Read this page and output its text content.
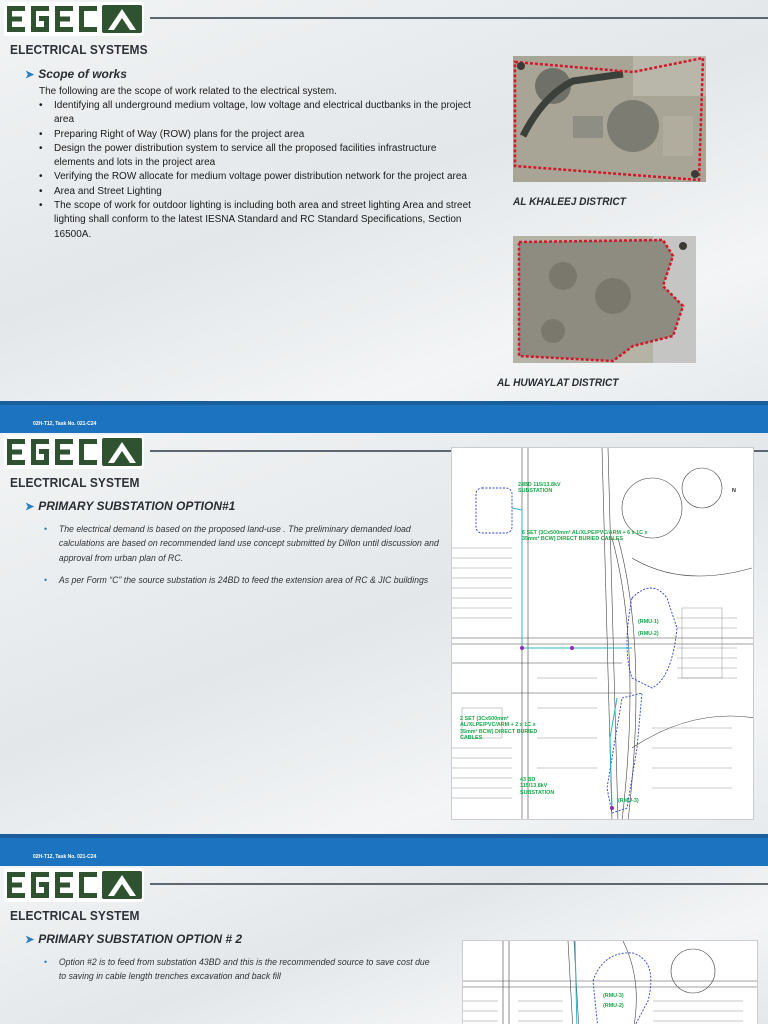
ELECTRICAL SYSTEMS
➤ Scope of works
The following are the scope of work related to the electrical system.
• Identifying all underground medium voltage, low voltage and electrical ductbanks in the project area
• Preparing Right of Way (ROW) plans for the project area
• Design the power distribution system to service all the proposed facilities infrastructure elements and lots in the project area
• Verifying the ROW allocate for medium voltage power distribution network for the project area
• Area and Street Lighting
• The scope of work for outdoor lighting is including both area and street lighting Area and street lighting shall conform to the latest IESNA Standard and RC Standard Specifications, Section 16500A.
AL KHALEEJ DISTRICT
AL HUWAYLAT DISTRICT
02H-T12, Task No. 021-C24
ELECTRICAL SYSTEM
➤ PRIMARY SUBSTATION OPTION#1
• The electrical demand is based on the proposed land-use . The preliminary demanded load calculations are based on recommended land use concept submitted by Dillon until discussion and approval from urban plan of RC.
• As per Form “C” the source substation is 24BD to feed the extension area of RC & JIC buildings
24BD 115/13.8kV SUBSTATION
6 SET (3Cx500mm² AL/XLPE/PVC/ARM + 6 x 1C x 35mm² BCW) DIRECT BURIED CABLES
(RMU-1)
(RMU-2)
2 SET (3Cx500mm² AL/XLPE/PVC/ARM + 2 x 1C x 35mm² BCW) DIRECT BURIED CABLES
43 BD 115/13.8kV SUBSTATION
(RMU-3)
N
02H-T12, Task No. 021-C24
ELECTRICAL SYSTEM
➤ PRIMARY SUBSTATION OPTION # 2
• Option #2 is to feed from substation 43BD and this is the recommended source to save cost due to saving in cable length trenches excavation and back fill
(RMU-3)
(RMU-2)
